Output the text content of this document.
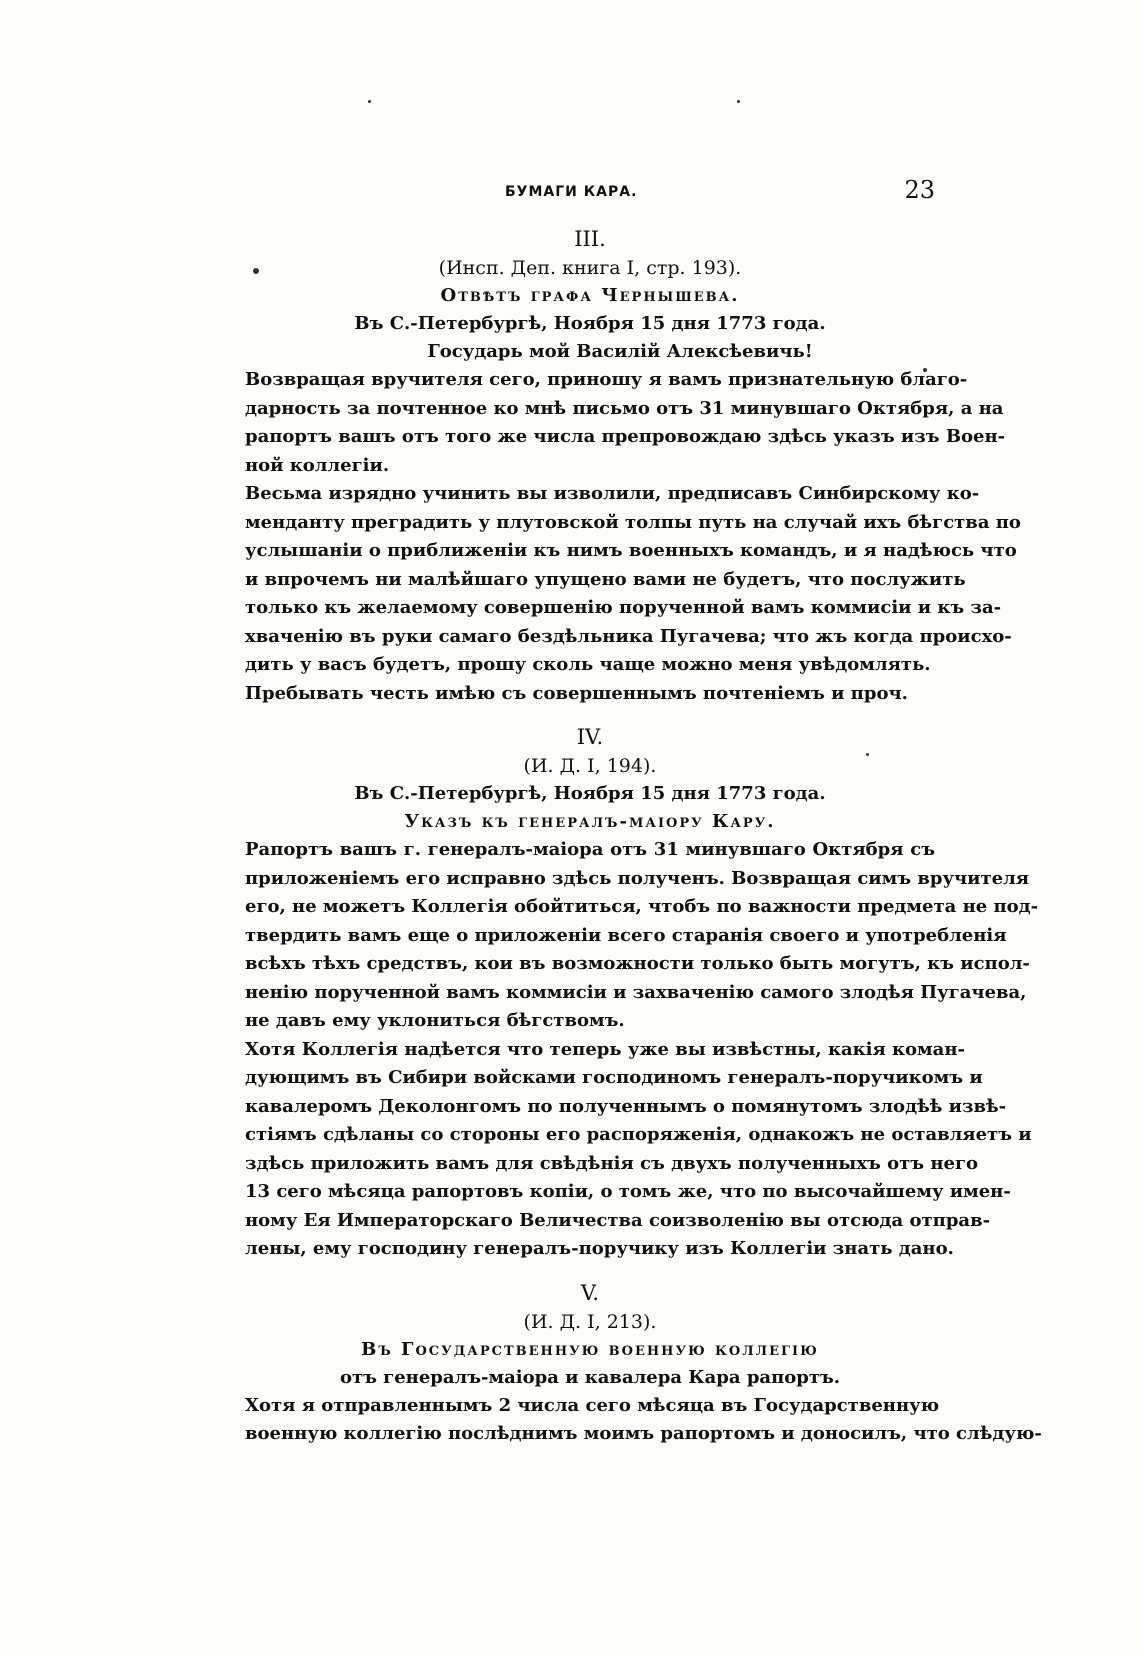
БУМАГИ КАРА.	23
III.
(Инсп. Деп. книга I, стр. 193).
Отвѣтъ графа Чернышева.
Въ С.-Петербургѣ, Ноября 15 дня 1773 года.
Государь мой Василій Алексѣевичь!

Возвращая вручителя сего, приношу я вамъ признательную благо-
дарность за почтенное ко мнѣ письмо отъ 31 минувшаго Октября, а на
рапортъ вашъ отъ того же числа препровождаю здѣсь указъ изъ Воен-
ной коллегіи.

Весьма изрядно учинить вы изволили, предписавъ Синбирскому ко-
менданту преградить у плутовской толпы путь на случай ихъ бѣгства по
услышаніи о приближеніи къ нимъ военныхъ командъ, и я надѣюсь что
и впрочемъ ни малѣйшаго упущено вами не будетъ, что послужить
только къ желаемому совершенію порученной вамъ коммисіи и къ за-
хваченію въ руки самаго бездѣльника Пугачева; что жъ когда происхо-
дить у васъ будетъ, прошу сколь чаще можно меня увѣдомлять.

Пребывать честь имѣю съ совершеннымъ почтеніемъ и проч.

IV.
(И. Д. I, 194).
Въ С.-Петербургѣ, Ноября 15 дня 1773 года.
Указъ къ генералъ-маіору Кару.

Рапортъ вашъ г. генералъ-маіора отъ 31 минувшаго Октября съ
приложеніемъ его исправно здѣсь полученъ. Возвращая симъ вручителя
его, не можетъ Коллегія обойтиться, чтобъ по важности предмета не под-
твердить вамъ еще о приложеніи всего старанія своего и употребленія
всѣхъ тѣхъ средствъ, кои въ возможности только быть могутъ, къ испол-
ненію порученной вамъ коммисіи и захваченію самого злодѣя Пугачева,
не давъ ему уклониться бѣгствомъ.

Хотя Коллегія надѣется что теперь уже вы извѣстны, какія коман-
дующимъ въ Сибири войсками господиномъ генералъ-поручикомъ и
кавалеромъ Деколонгомъ по полученнымъ о помянутомъ злодѣѣ извѣ-
стіямъ сдѣланы со стороны его распоряженія, однакожъ не оставляетъ и
здѣсь приложить вамъ для свѣдѣнія съ двухъ полученныхъ отъ него
13 сего мѣсяца рапортовъ копіи, о томъ же, что по высочайшему имен-
ному Ея Императорскаго Величества соизволенію вы отсюда отправ-
лены, ему господину генералъ-поручику изъ Коллегіи знать дано.

V.
(И. Д. I, 213).
Въ Государственную военную коллегію
отъ генералъ-маіора и кавалера Кара рапортъ.

Хотя я отправленнымъ 2 числа сего мѣсяца въ Государственную
военную коллегію послѣднимъ моимъ рапортомъ и доносилъ, что слѣдую-
